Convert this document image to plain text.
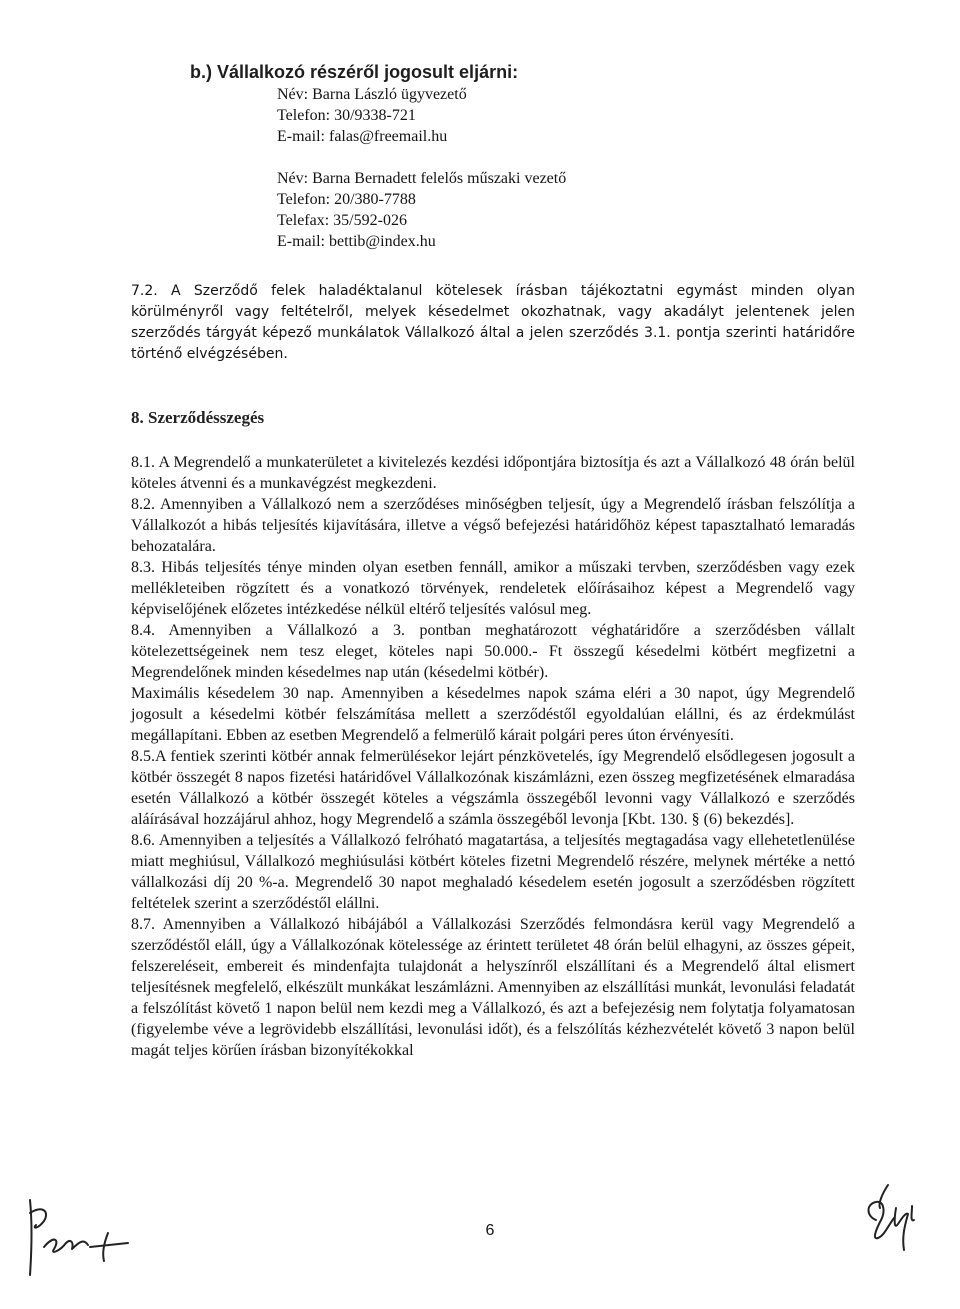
b.) Vállalkozó részéről jogosult eljárni:
Név: Barna László ügyvezető
Telefon: 30/9338-721
E-mail: falas@freemail.hu
Név: Barna Bernadett felelős műszaki vezető
Telefon: 20/380-7788
Telefax: 35/592-026
E-mail: bettib@index.hu

7.2. A Szerződő felek haladéktalanul kötelesek írásban tájékoztatni egymást minden olyan körülményről vagy feltételről, melyek késedelmet okozhatnak, vagy akadályt jelentenek jelen szerződés tárgyát képező munkálatok Vállalkozó által a jelen szerződés 3.1. pontja szerinti határidőre történő elvégzésében.

8. Szerződésszegés

8.1. A Megrendelő a munkaterületet a kivitelezés kezdési időpontjára biztosítja és azt a Vállalkozó 48 órán belül köteles átvenni és a munkavégzést megkezdeni.

8.2. Amennyiben a Vállalkozó nem a szerződéses minőségben teljesít, úgy a Megrendelő írásban felszólítja a Vállalkozót a hibás teljesítés kijavítására, illetve a végső befejezési határidőhöz képest tapasztalható lemaradás behozatalára.

8.3. Hibás teljesítés ténye minden olyan esetben fennáll, amikor a műszaki tervben, szerződésben vagy ezek mellékleteiben rögzített és a vonatkozó törvények, rendeletek előírásaihoz képest a Megrendelő vagy képviselőjének előzetes intézkedése nélkül eltérő teljesítés valósul meg.

8.4. Amennyiben a Vállalkozó a 3. pontban meghatározott véghatáridőre a szerződésben vállalt kötelezettségeinek nem tesz eleget, köteles napi 50.000.- Ft összegű késedelmi kötbért megfizetni a Megrendelőnek minden késedelmes nap után (késedelmi kötbér).

Maximális késedelem 30 nap. Amennyiben a késedelmes napok száma eléri a 30 napot, úgy Megrendelő jogosult a késedelmi kötbér felszámítása mellett a szerződéstől egyoldalúan elállni, és az érdekmúlást megállapítani. Ebben az esetben Megrendelő a felmerülő kárait polgári peres úton érvényesíti.

8.5.A fentiek szerinti kötbér annak felmerülésekor lejárt pénzkövetelés, így Megrendelő elsődlegesen jogosult a kötbér összegét 8 napos fizetési határidővel Vállalkozónak kiszámlázni, ezen összeg megfizetésének elmaradása esetén Vállalkozó a kötbér összegét köteles a végszámla összegéből levonni vagy Vállalkozó e szerződés aláírásával hozzájárul ahhoz, hogy Megrendelő a számla összegéből levonja [Kbt. 130. § (6) bekezdés].

8.6. Amennyiben a teljesítés a Vállalkozó felróható magatartása, a teljesítés megtagadása vagy ellehetetlenülése miatt meghiúsul, Vállalkozó meghiúsulási kötbért köteles fizetni Megrendelő részére, melynek mértéke a nettó vállalkozási díj 20 %-a. Megrendelő 30 napot meghaladó késedelem esetén jogosult a szerződésben rögzített feltételek szerint a szerződéstől elállni.

8.7. Amennyiben a Vállalkozó hibájából a Vállalkozási Szerződés felmondásra kerül vagy Megrendelő a szerződéstől eláll, úgy a Vállalkozónak kötelessége az érintett területet 48 órán belül elhagyni, az összes gépeit, felszereléseit, embereit és mindenfajta tulajdonát a helyszínről elszállítani és a Megrendelő által elismert teljesítésnek megfelelő, elkészült munkákat leszámlázni. Amennyiben az elszállítási munkát, levonulási feladatát a felszólítást követő 1 napon belül nem kezdi meg a Vállalkozó, és azt a befejezésig nem folytatja folyamatosan (figyelembe véve a legrövidebb elszállítási, levonulási időt), és a felszólítás kézhezvételét követő 3 napon belül magát teljes körűen írásban bizonyítékokkal

6
